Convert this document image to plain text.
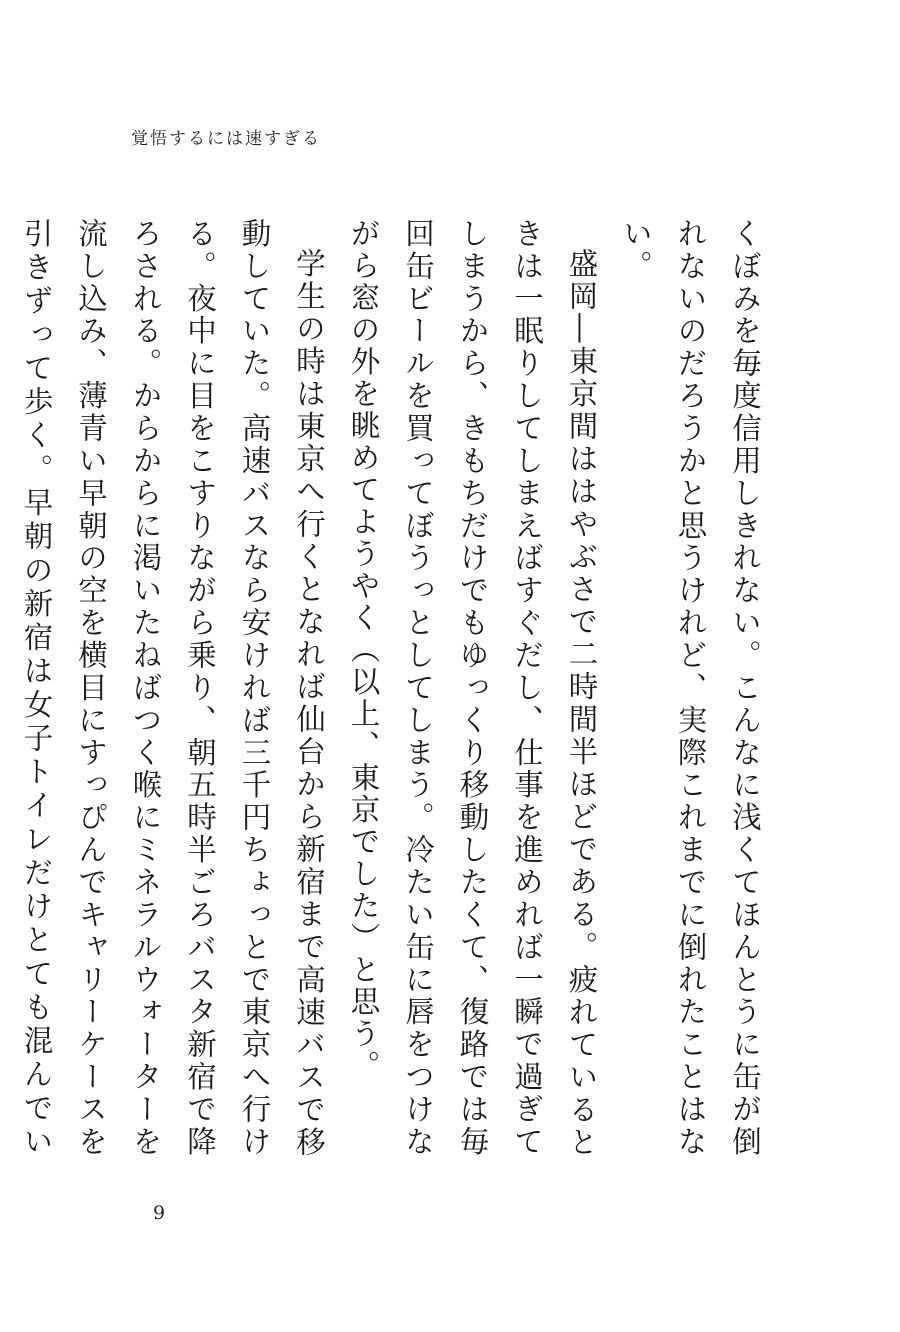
覚悟するには速すぎる

くぼみを毎度信用しきれない。こんなに浅くてほんとうに缶が倒れないのだろうかと思うけれど、実際これまでに倒れたことはない。

盛岡―東京間ははやぶさで二時間半ほどである。疲れているときは一眠りしてしまえばすぐだし、仕事を進めれば一瞬で過ぎてしまうから、きもちだけでもゆっくり移動したくて、復路では毎回缶ビールを買ってぼうっとしてしまう。冷たい缶に唇をつけながら窓の外を眺めてようやく（以上、東京でした）と思う。

学生の時は東京へ行くとなれば仙台から新宿まで高速バスで移動していた。高速バスなら安ければ三千円ちょっとで東京へ行ける。夜中に目をこすりながら乗り、朝五時半ごろバスタ新宿で降ろされる。からからに渇いたねばつく喉にミネラルウォーターを流し込み、薄青い早朝の空を横目にすっぴんでキャリーケースを引きずって歩く。早朝の新宿は女子トイレだけとても混んでい

9
